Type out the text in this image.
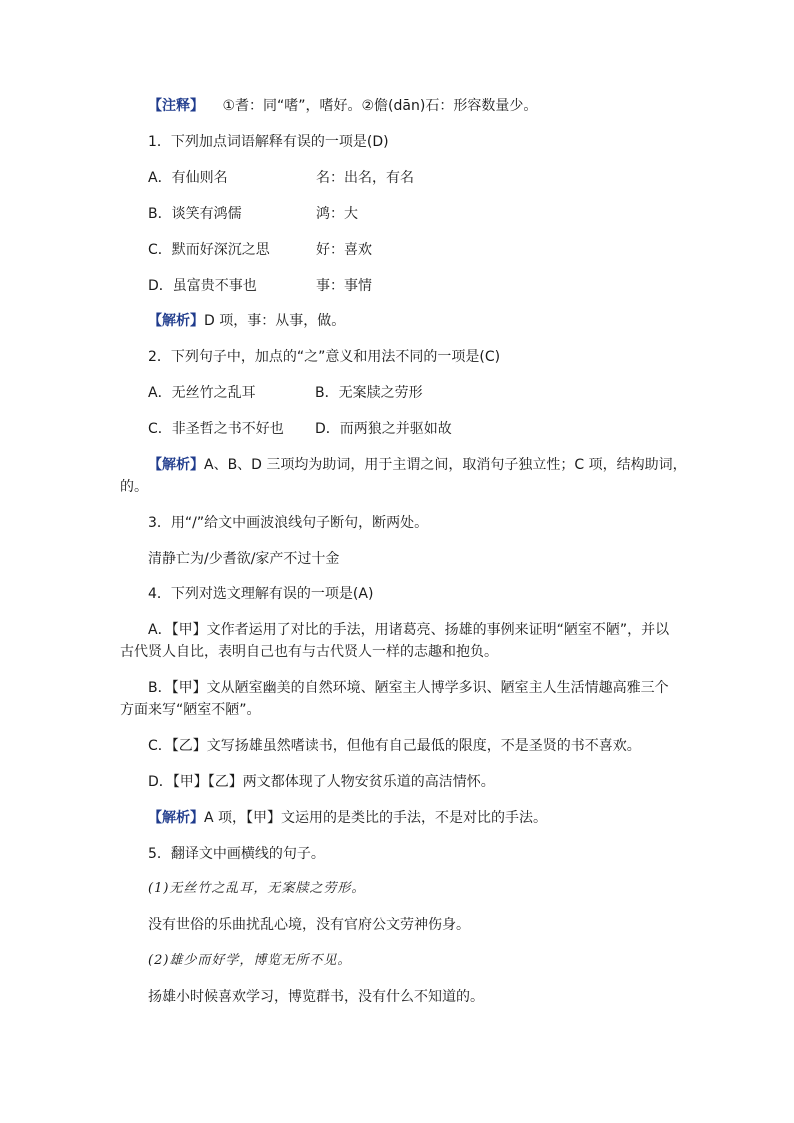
【注释】 ①耆：同“嗜”，嗜好。②儋(dān)石：形容数量少。
1．下列加点词语解释有误的一项是(D)
A．有仙则名	名：出名，有名
B．谈笑有鸿儒	鸿：大
C．默而好深沉之思	好：喜欢
D．虽富贵不事也	事：事情
【解析】D 项，事：从事，做。
2．下列句子中，加点的“之”意义和用法不同的一项是(C)
A．无丝竹之乱耳	B．无案牍之劳形
C．非圣哲之书不好也 D．而两狼之并驱如故
【解析】A、B、D 三项均为助词，用于主谓之间，取消句子独立性；C 项，结构助词，
的。
3．用“/”给文中画波浪线句子断句，断两处。
清静亡为/少耆欲/家产不过十金
4．下列对选文理解有误的一项是(A)
A．【甲】文作者运用了对比的手法，用诸葛亮、扬雄的事例来证明“陋室不陋”，并以
古代贤人自比，表明自己也有与古代贤人一样的志趣和抱负。
B．【甲】文从陋室幽美的自然环境、陋室主人博学多识、陋室主人生活情趣高雅三个
方面来写“陋室不陋”。
C．【乙】文写扬雄虽然嗜读书，但他有自己最低的限度，不是圣贤的书不喜欢。
D．【甲】【乙】两文都体现了人物安贫乐道的高洁情怀。
【解析】A 项，【甲】文运用的是类比的手法，不是对比的手法。
5．翻译文中画横线的句子。
(1)无丝竹之乱耳，无案牍之劳形。
没有世俗的乐曲扰乱心境，没有官府公文劳神伤身。
(2)雄少而好学，博览无所不见。
扬雄小时候喜欢学习，博览群书，没有什么不知道的。
